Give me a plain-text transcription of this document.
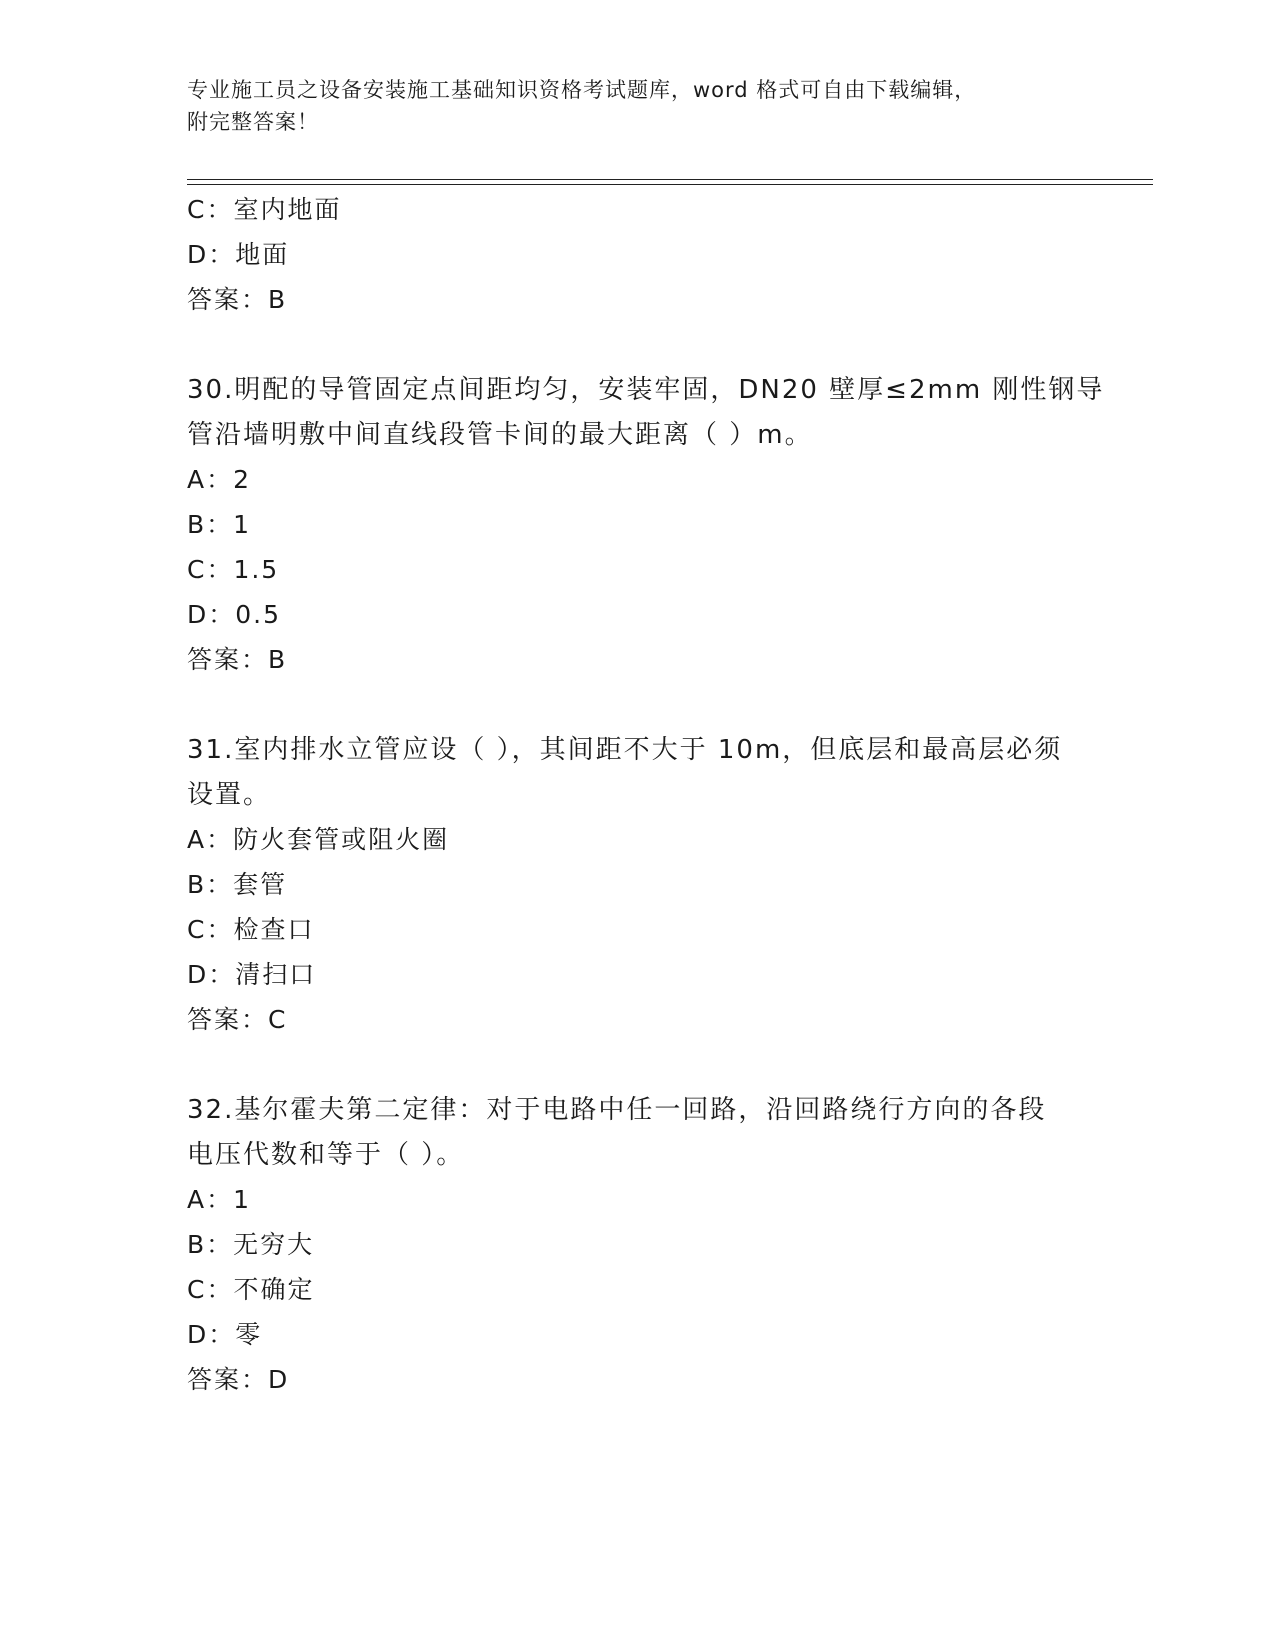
专业施工员之设备安装施工基础知识资格考试题库，word 格式可自由下载编辑，
附完整答案！
C：室内地面
D：地面
答案：B
30.明配的导管固定点间距均匀，安装牢固，DN20 壁厚≤2mm 刚性钢导
管沿墙明敷中间直线段管卡间的最大距离（ ）m。
A：2
B：1
C：1.5
D：0.5
答案：B
31.室内排水立管应设（ ），其间距不大于 10m，但底层和最高层必须
设置。
A：防火套管或阻火圈
B：套管
C：检查口
D：清扫口
答案：C
32.基尔霍夫第二定律：对于电路中任一回路，沿回路绕行方向的各段
电压代数和等于（ ）。
A：1
B：无穷大
C：不确定
D：零
答案：D
